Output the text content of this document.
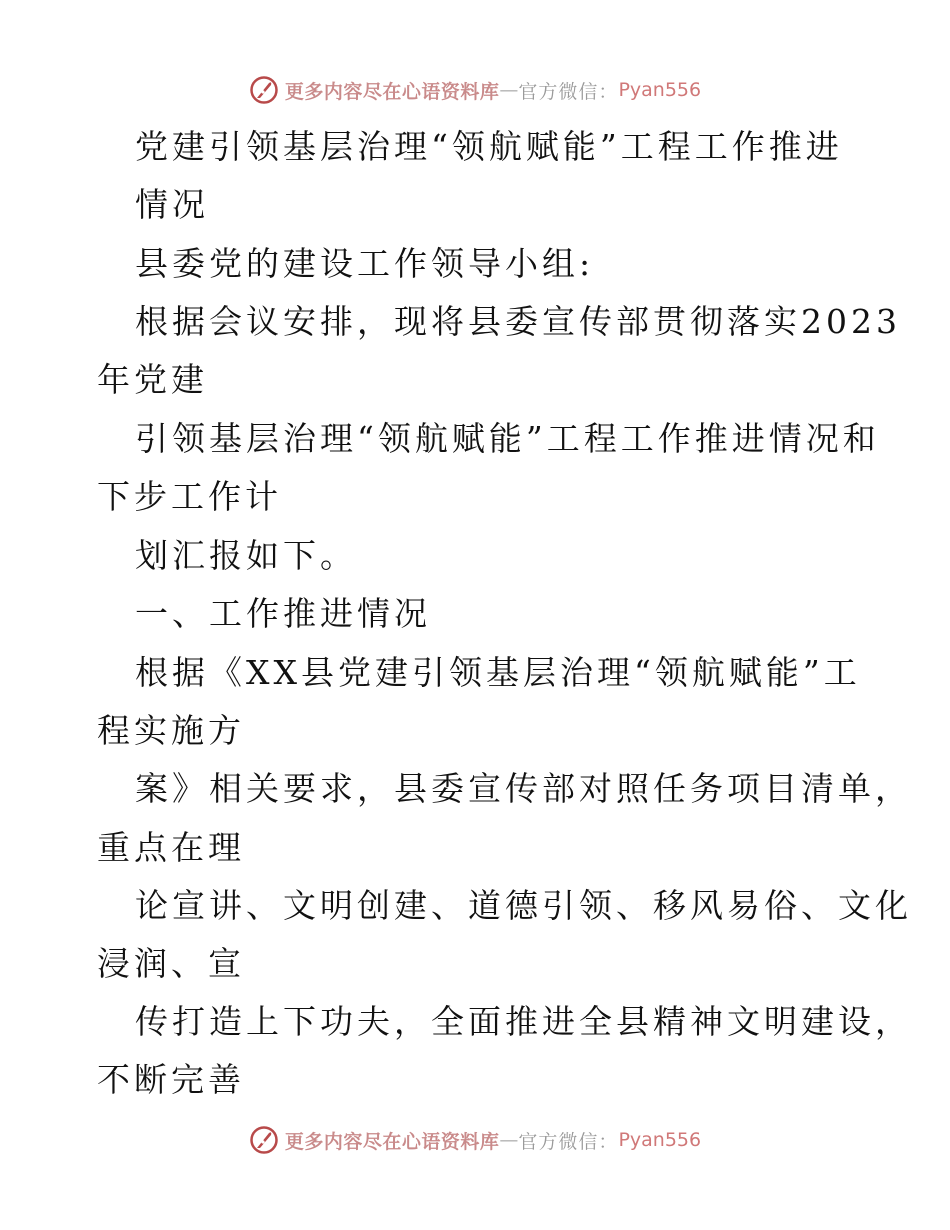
更多内容尽在心语资料库 — 官方微信： Pyan556
党建引领基层治理“领航赋能”工程工作推进

情况

县委党的建设工作领导小组:

根据会议安排，现将县委宣传部贯彻落实2023

年党建

引领基层治理“领航赋能”工程工作推进情况和

下步工作计

划汇报如下。

一、工作推进情况

根据《XX县党建引领基层治理“领航赋能”工

程实施方

案》相关要求，县委宣传部对照任务项目清单，

重点在理

论宣讲、文明创建、道德引领、移风易俗、文化

浸润、宣

传打造上下功夫，全面推进全县精神文明建设，

不断完善

更多内容尽在心语资料库 — 官方微信： Pyan556
